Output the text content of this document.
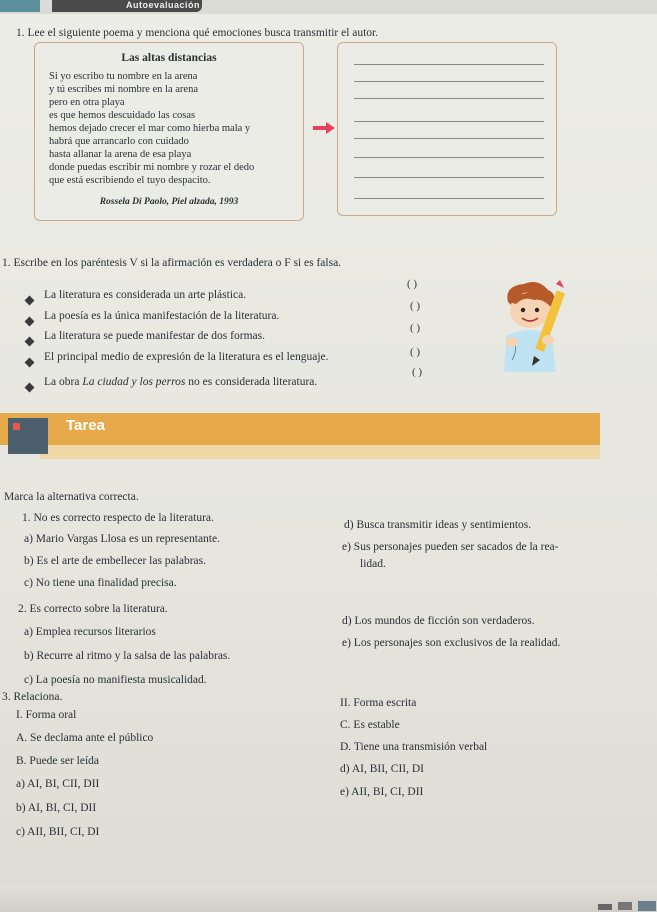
Autoevaluación
1. Lee el siguiente poema y menciona qué emociones busca transmitir el autor.
Las altas distancias
Si yo escribo tu nombre en la arena
y tú escribes mi nombre en la arena
pero en otra playa
es que hemos descuidado las cosas
hemos dejado crecer el mar como hierba mala y
habrá que arrancarlo con cuidado
hasta allanar la arena de esa playa
donde puedas escribir mi nombre y rozar el dedo
que está escribiendo el tuyo despacito.
Rossela Di Paolo, Piel alzada, 1993
1. Escribe en los paréntesis V si la afirmación es verdadera o F si es falsa.
La literatura es considerada un arte plástica.
( )
La poesía es la única manifestación de la literatura.
( )
La literatura se puede manifestar de dos formas.
( )
El principal medio de expresión de la literatura es el lenguaje.	( )
La obra La ciudad y los perros no es considerada literatura.
( )
Tarea
Marca la alternativa correcta.
1. No es correcto respecto de la literatura.
a) Mario Vargas Llosa es un representante.
b) Es el arte de embellecer las palabras.
c) No tiene una finalidad precisa.
d) Busca transmitir ideas y sentimientos.
e) Sus personajes pueden ser sacados de la rea-
lidad.
2. Es correcto sobre la literatura.
a) Emplea recursos literarios
b) Recurre al ritmo y la salsa de las palabras.
c) La poesía no manifiesta musicalidad.
d) Los mundos de ficción son verdaderos.
e) Los personajes son exclusivos de la realidad.
3. Relaciona.
I. Forma oral
II. Forma escrita
A. Se declama ante el público
B. Puede ser leída
C. Es estable
D. Tiene una transmisión verbal
a) AI, BI, CII, DII
b) AI, BI, CI, DII
c) AII, BII, CI, DI
d) AI, BII, CII, DI
e) AII, BI, CI, DII
